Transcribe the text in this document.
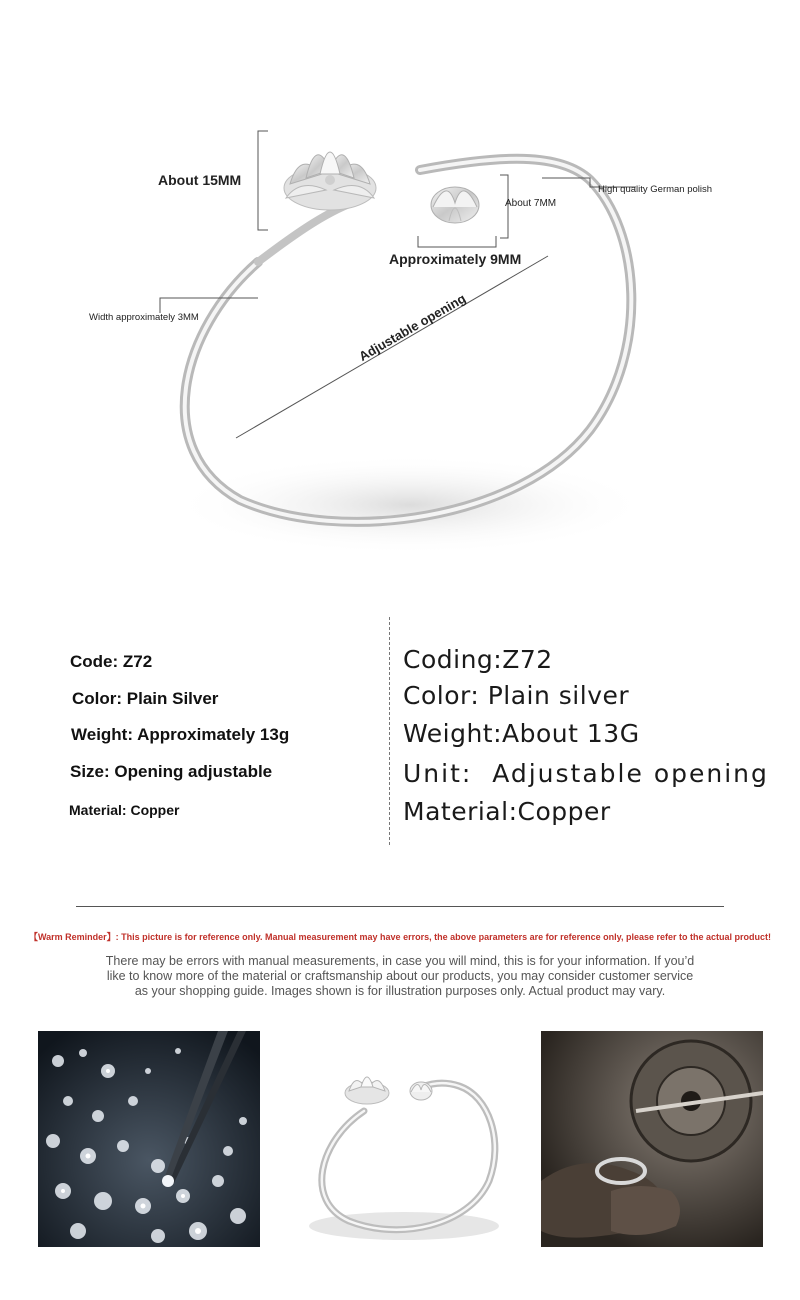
About 15MM
High quality German polish
About 7MM
Approximately 9MM
Width approximately 3MM	Adjustable opening
Code: Z72
Color: Plain Silver
Weight: Approximately 13g
Size: Opening adjustable
Material: Copper
Coding:Z72
Color: Plain silver
Weight:About 13G
Unit:  Adjustable opening
Material:Copper
【Warm Reminder】: This picture is for reference only. Manual measurement may have errors, the above parameters are for reference only, please refer to the actual product!
There may be errors with manual measurements, in case you will mind, this is for your information. If you’d like to know more of the material or craftsmanship about our products, you may consider customer service as your shopping guide. Images shown is for illustration purposes only. Actual product may vary.
